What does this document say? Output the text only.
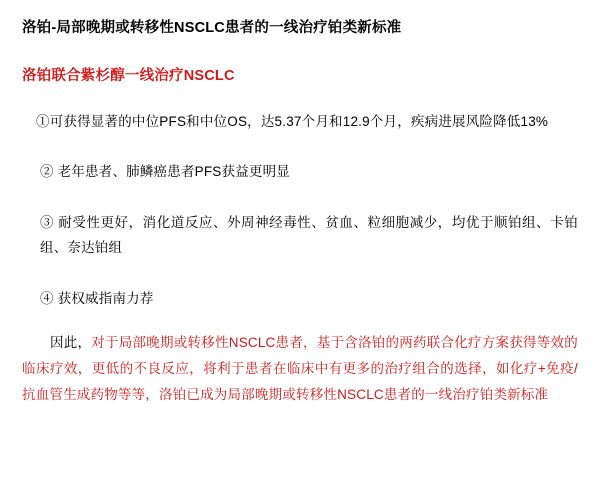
洛铂-局部晚期或转移性NSCLC患者的一线治疗铂类新标准
洛铂联合紫杉醇一线治疗NSCLC

①可获得显著的中位PFS和中位OS，达5.37个月和12.9个月，疾病进展风险降低13%

② 老年患者、肺鳞癌患者PFS获益更明显

③ 耐受性更好，消化道反应、外周神经毒性、贫血、粒细胞减少，均优于顺铂组、卡铂组、奈达铂组

④ 获权威指南力荐

因此，对于局部晚期或转移性NSCLC患者，基于含洛铂的两药联合化疗方案获得等效的临床疗效，更低的不良反应，将利于患者在临床中有更多的治疗组合的选择，如化疗+免疫/抗血管生成药物等等，洛铂已成为局部晚期或转移性NSCLC患者的一线治疗铂类新标准
